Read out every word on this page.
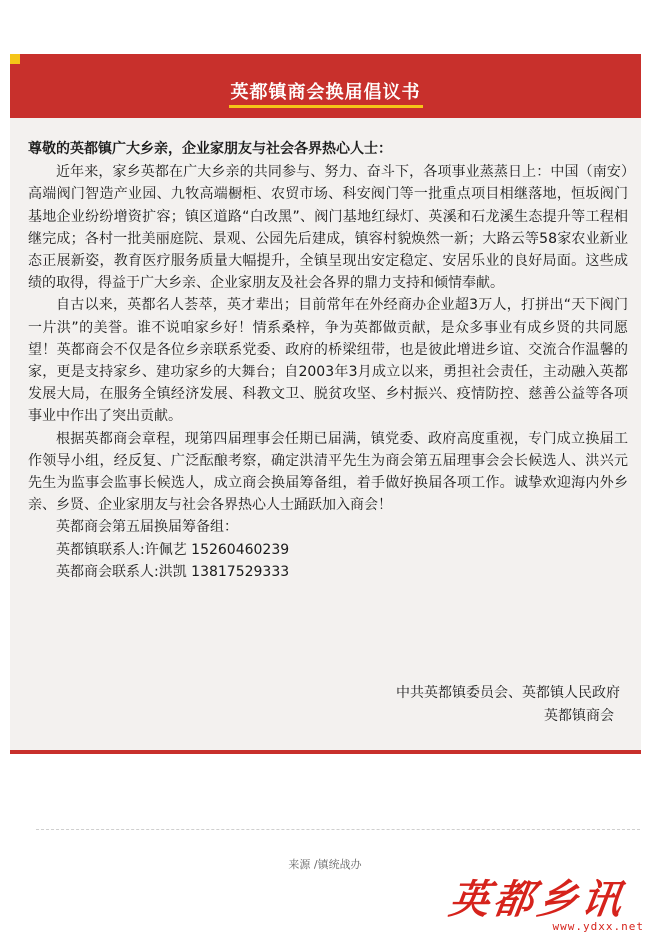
英都镇商会换届倡议书

尊敬的英都镇广大乡亲，企业家朋友与社会各界热心人士：

近年来，家乡英都在广大乡亲的共同参与、努力、奋斗下，各项事业蒸蒸日上：中国（南安）高端阀门智造产业园、九牧高端橱柜、农贸市场、科安阀门等一批重点项目相继落地，恒坂阀门基地企业纷纷增资扩容；镇区道路“白改黑”、阀门基地红绿灯、英溪和石龙溪生态提升等工程相继完成；各村一批美丽庭院、景观、公园先后建成，镇容村貌焕然一新；大路云等58家农业新业态正展新姿，教育医疗服务质量大幅提升，全镇呈现出安定稳定、安居乐业的良好局面。这些成绩的取得，得益于广大乡亲、企业家朋友及社会各界的鼎力支持和倾情奉献。

自古以来，英都名人荟萃，英才辈出；目前常年在外经商办企业超3万人，打拼出“天下阀门一片洪”的美誉。谁不说咱家乡好！情系桑梓，争为英都做贡献，是众多事业有成乡贤的共同愿望！英都商会不仅是各位乡亲联系党委、政府的桥梁纽带，也是彼此增进乡谊、交流合作温馨的家，更是支持家乡、建功家乡的大舞台；自2003年3月成立以来，勇担社会责任，主动融入英都发展大局，在服务全镇经济发展、科教文卫、脱贫攻坚、乡村振兴、疫情防控、慈善公益等各项事业中作出了突出贡献。

根据英都商会章程，现第四届理事会任期已届满，镇党委、政府高度重视，专门成立换届工作领导小组，经反复、广泛酝酿考察，确定洪清平先生为商会第五届理事会会长候选人、洪兴元先生为监事会监事长候选人，成立商会换届筹备组，着手做好换届各项工作。诚挚欢迎海内外乡亲、乡贤、企业家朋友与社会各界热心人士踊跃加入商会！

英都商会第五届换届筹备组：

英都镇联系人:许佩艺 15260460239

英都商会联系人:洪凯 13817529333

中共英都镇委员会、英都镇人民政府
英都镇商会
来源 /镇统战办
英都乡讯
www.ydxx.net
